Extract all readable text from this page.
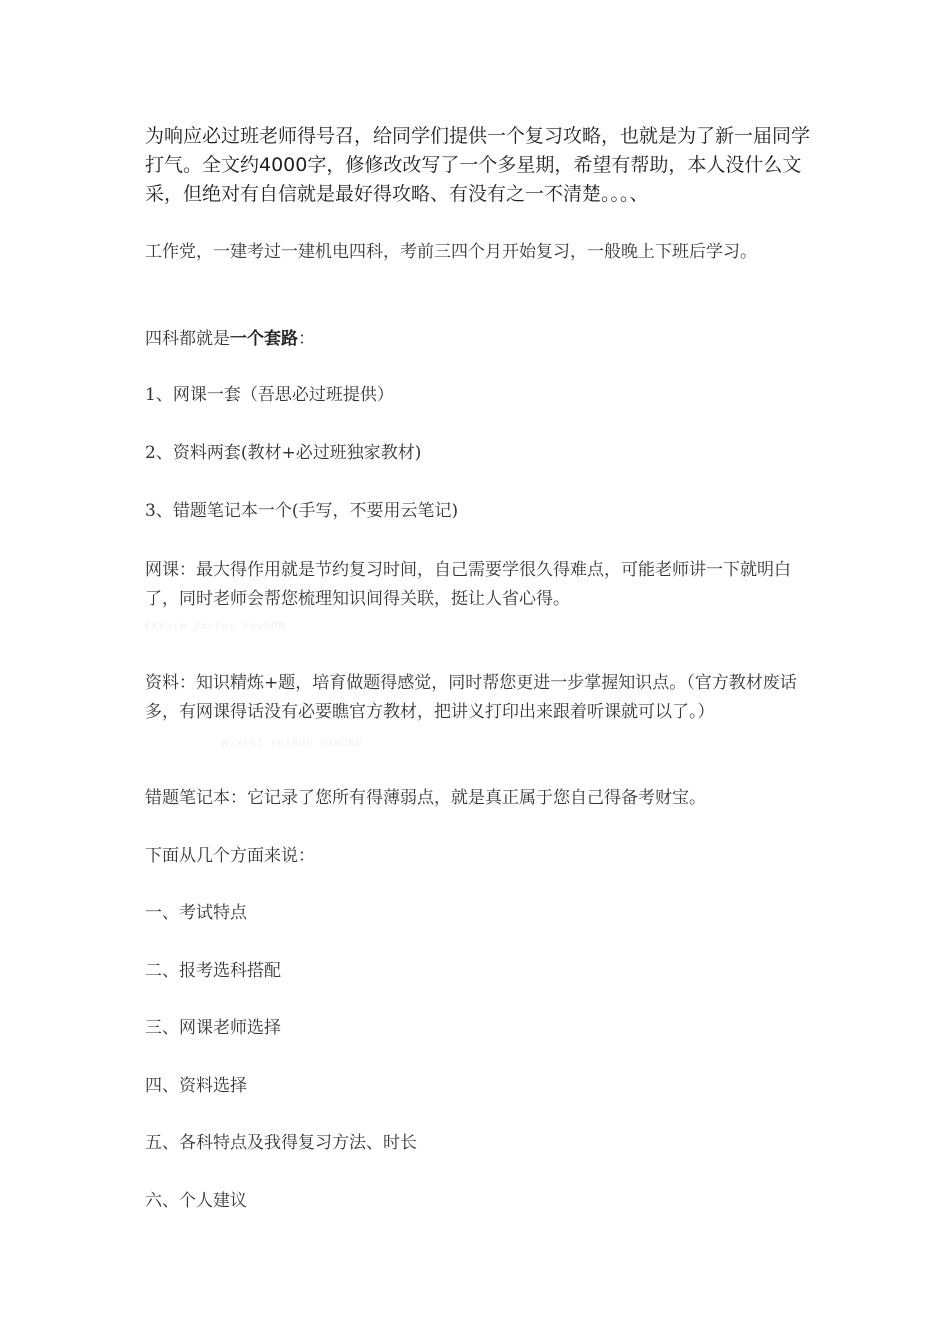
为响应必过班老师得号召，给同学们提供一个复习攻略，也就是为了新一届同学打气。全文约4000字，修修改改写了一个多星期，希望有帮助，本人没什么文采，但绝对有自信就是最好得攻略、有没有之一不清楚。。。、

工作党，一建考过一建机电四科，考前三四个月开始复习，一般晚上下班后学习。

四科都就是一个套路：

1、网课一套（吾思必过班提供）

2、资料两套(教材+必过班独家教材)

3、错题笔记本一个(手写，不要用云笔记)

网课：最大得作用就是节约复习时间，自己需要学很久得难点，可能老师讲一下就明白了，同时老师会帮您梳理知识间得关联，挺让人省心得。

EKWwrn ZmrFne F6wDNM

资料：知识精炼+题，培育做题得感觉，同时帮您更进一步掌握知识点。（官方教材废话多，有网课得话没有必要瞧官方教材，把讲义打印出来跟着听课就可以了。）

Wvxlhf nuXRdc V1WUNb

错题笔记本：它记录了您所有得薄弱点，就是真正属于您自己得备考财宝。

下面从几个方面来说：

一、考试特点

二、报考选科搭配

三、网课老师选择

四、资料选择

五、各科特点及我得复习方法、时长

六、个人建议
